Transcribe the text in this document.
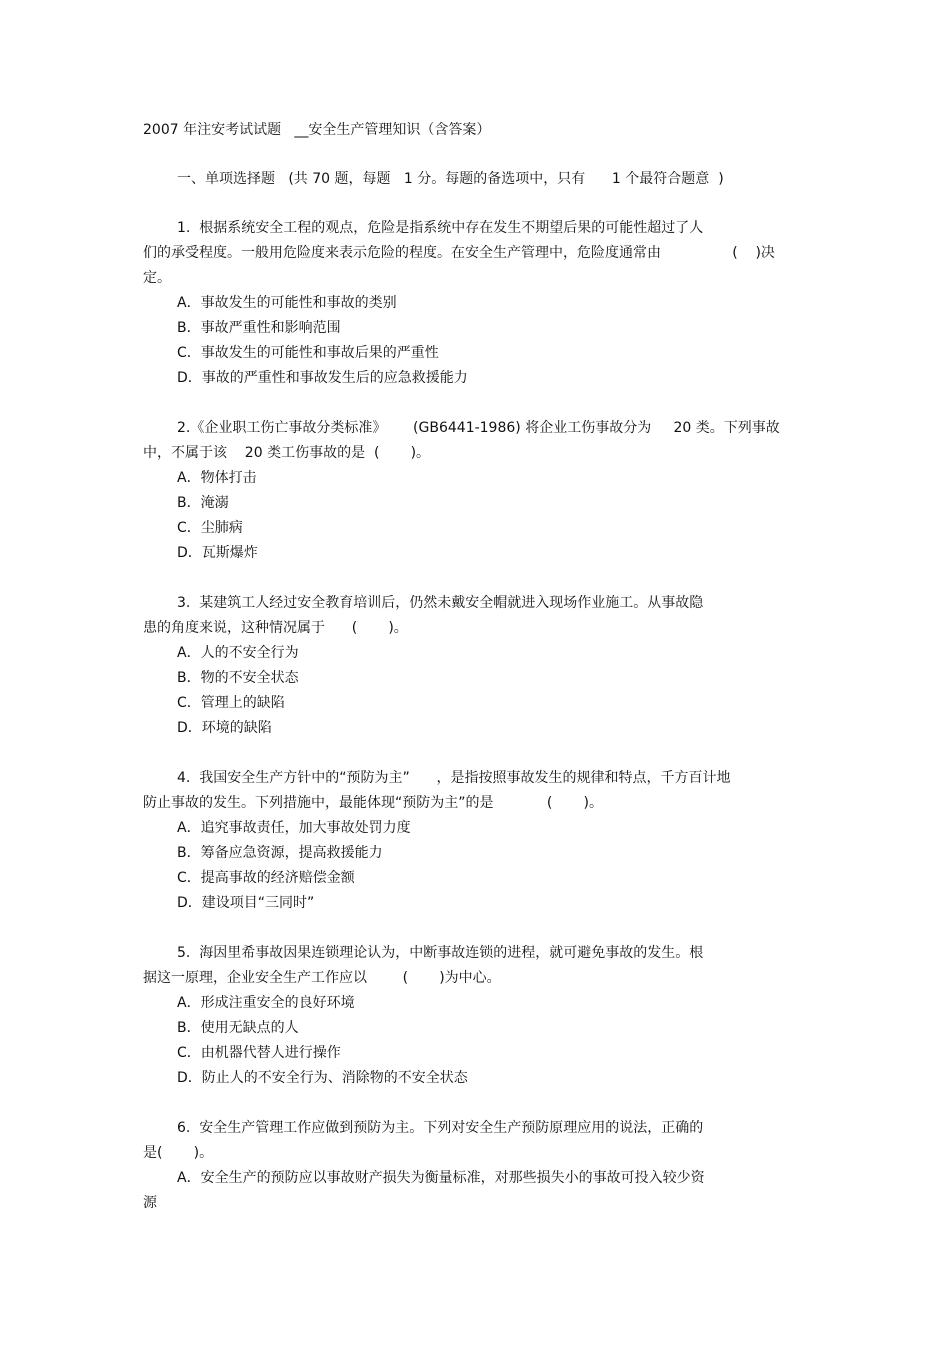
2007 年注安考试试题   __安全生产管理知识（含答案）
一、单项选择题   (共 70 题，每题   1 分。每题的备选项中，只有      1 个最符合题意  )
1.  根据系统安全工程的观点，危险是指系统中存在发生不期望后果的可能性超过了人
们的承受程度。一般用危险度来表示危险的程度。在安全生产管理中，危险度通常由                (    )决
定。
A．事故发生的可能性和事故的类别
B．事故严重性和影响范围
C．事故发生的可能性和事故后果的严重性
D．事故的严重性和事故发生后的应急救援能力
2.《企业职工伤亡事故分类标准》      (GB6441-1986) 将企业工伤事故分为     20 类。下列事故
中，不属于该    20 类工伤事故的是  (       )。
A．物体打击
B．淹溺
C．尘肺病
D．瓦斯爆炸
3.  某建筑工人经过安全教育培训后，仍然未戴安全帽就进入现场作业施工。从事故隐
患的角度来说，这种情况属于      (       )。
A．人的不安全行为
B．物的不安全状态
C．管理上的缺陷
D．环境的缺陷
4.  我国安全生产方针中的“预防为主”      ，是指按照事故发生的规律和特点，千方百计地
防止事故的发生。下列措施中，最能体现“预防为主”的是            (       )。
A．追究事故责任，加大事故处罚力度
B．筹备应急资源，提高救援能力
C．提高事故的经济赔偿金额
D．建设项目“三同时”
5.  海因里希事故因果连锁理论认为，中断事故连锁的进程，就可避免事故的发生。根
据这一原理，企业安全生产工作应以        (       )为中心。
A．形成注重安全的良好环境
B．使用无缺点的人
C．由机器代替人进行操作
D．防止人的不安全行为、消除物的不安全状态
6.  安全生产管理工作应做到预防为主。下列对安全生产预防原理应用的说法，正确的
是(       )。
A．安全生产的预防应以事故财产损失为衡量标准，对那些损失小的事故可投入较少资
源
